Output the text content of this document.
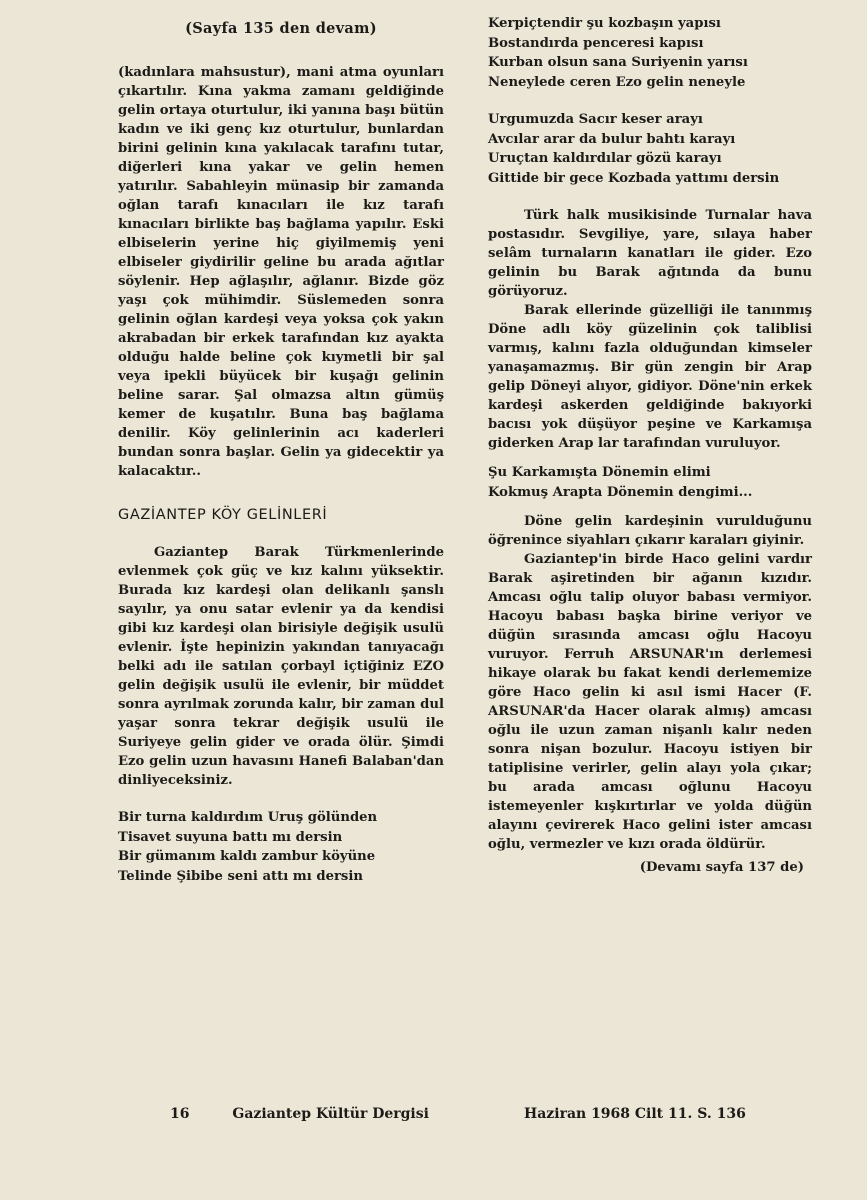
(Sayfa 135 den devam)

(kadınlara mahsustur), mani atma oyunları çıkartılır. Kına yakma zamanı geldiğinde gelin ortaya oturtulur, iki yanına başı bütün kadın ve iki genç kız oturtulur, bunlardan birini gelinin kına yakılacak tarafını tutar, diğerleri kına yakar ve gelin hemen yatırılır. Sabahleyin münasip bir zamanda oğlan tarafı kınacıları ile kız tarafı kınacıları birlikte baş bağlama yapılır. Eski elbiselerin yerine hiç giyilmemiş yeni elbiseler giydirilir geline bu arada ağıtlar söylenir. Hep ağlaşılır, ağlanır. Bizde göz yaşı çok mühimdir. Süslemeden sonra gelinin oğlan kardeşi veya yoksa çok yakın akrabadan bir erkek tarafından kız ayakta olduğu halde beline çok kıymetli bir şal veya ipekli büyücek bir kuşağı gelinin beline sarar. Şal olmazsa altın gümüş kemer de kuşatılır. Buna baş bağlama denilir. Köy gelinlerinin acı kaderleri bundan sonra başlar. Gelin ya gidecektir ya kalacaktır..

GAZİANTEP KÖY GELİNLERİ

Gaziantep Barak Türkmenlerinde evlenmek çok güç ve kız kalını yüksektir. Burada kız kardeşi olan delikanlı şanslı sayılır, ya onu satar evlenir ya da kendisi gibi kız kardeşi olan birisiyle değişik usulü evlenir. İşte hepinizin yakından tanıyacağı belki adı ile satılan çorbayl içtiğiniz EZO gelin değişik usulü ile evlenir, bir müddet sonra ayrılmak zorunda kalır, bir zaman dul yaşar sonra tekrar değişik usulü ile Suriyeye gelin gider ve orada ölür. Şimdi Ezo gelin uzun havasını Hanefi Balaban'dan dinliyeceksiniz.

Bir turna kaldırdım Uruş gölünden
Tisavet suyuna battı mı dersin
Bir gümanım kaldı zambur köyüne
Telinde Şibibe seni attı mı dersin
Kerpiçtendir şu kozbaşın yapısı
Bostandırda penceresi kapısı
Kurban olsun sana Suriyenin yarısı
Neneylede ceren Ezo gelin neneyle
Urgumuzda Sacır keser arayı
Avcılar arar da bulur bahtı karayı
Uruçtan kaldırdılar gözü karayı
Gittide bir gece Kozbada yattımı dersin

Türk halk musikisinde Turnalar hava postasıdır. Sevgiliye, yare, sılaya haber selâm turnaların kanatları ile gider. Ezo gelinin bu Barak ağıtında da bunu görüyoruz.

Barak ellerinde güzelliği ile tanınmış Döne adlı köy güzelinin çok taliblisi varmış, kalını fazla olduğundan kimseler yanaşamazmış. Bir gün zengin bir Arap gelip Döneyi alıyor, gidiyor. Döne'nin erkek kardeşi askerden geldiğinde bakıyorki bacısı yok düşüyor peşine ve Karkamışa giderken Arap lar tarafından vuruluyor.

Şu Karkamışta Dönemin elimi
Kokmuş Arapta Dönemin dengimi...

Döne gelin kardeşinin vurulduğunu öğrenince siyahları çıkarır karaları giyinir.

Gaziantep'in birde Haco gelini vardır Barak aşiretinden bir ağanın kızıdır. Amcası oğlu talip oluyor babası vermiyor. Hacoyu babası başka birine veriyor ve düğün sırasında amcası oğlu Hacoyu vuruyor. Ferruh ARSUNAR'ın derlemesi hikaye olarak bu fakat kendi derlememize göre Haco gelin ki asıl ismi Hacer (F. ARSUNAR'da Hacer olarak almış) amcası oğlu ile uzun zaman nişanlı kalır neden sonra nişan bozulur. Hacoyu istiyen bir tatiplisine verirler, gelin alayı yola çıkar; bu arada amcası oğlunu Hacoyu istemeyenler kışkırtırlar ve yolda düğün alayını çevirerek Haco gelini ister amcası oğlu, vermezler ve kızı orada öldürür.

(Devamı sayfa 137 de)
16	Gaziantep Kültür Dergisi	Haziran 1968 Cilt 11. S. 136
